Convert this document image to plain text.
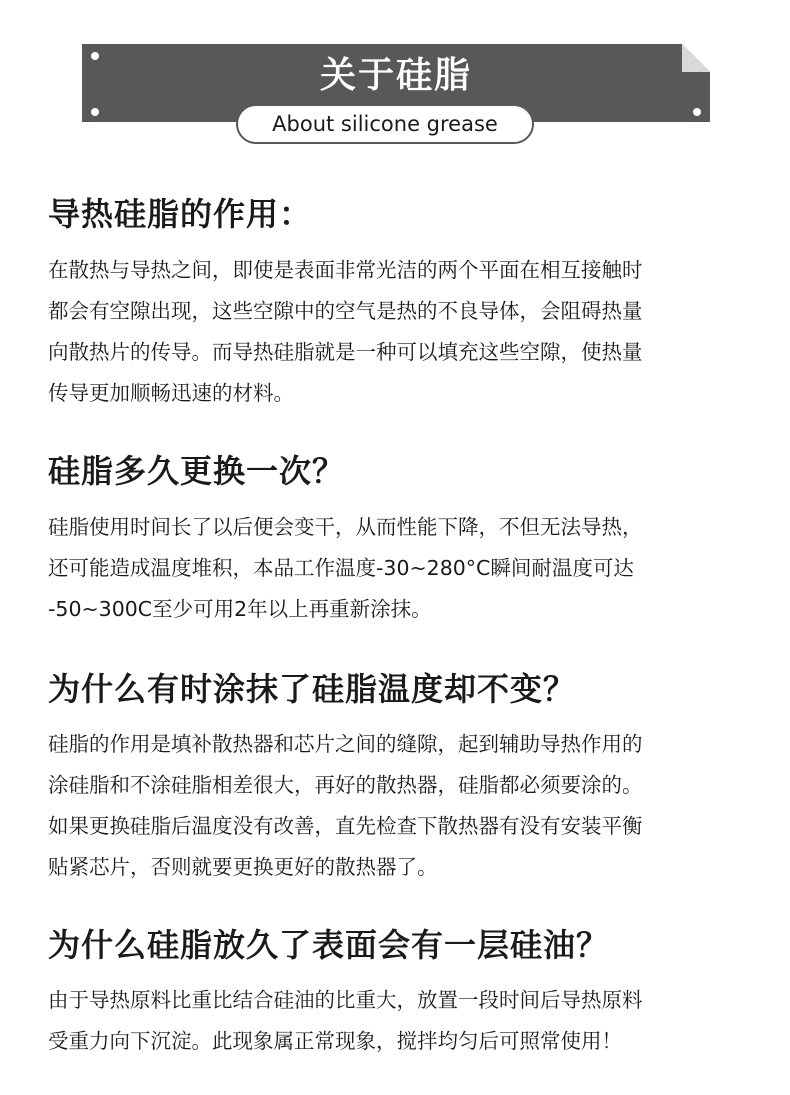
关于硅脂
About silicone grease
导热硅脂的作用：
在散热与导热之间，即使是表面非常光洁的两个平面在相互接触时
都会有空隙出现，这些空隙中的空气是热的不良导体，会阻碍热量
向散热片的传导。而导热硅脂就是一种可以填充这些空隙，使热量
传导更加顺畅迅速的材料。
硅脂多久更换一次？
硅脂使用时间长了以后便会变干，从而性能下降，不但无法导热，
还可能造成温度堆积，本品工作温度-30~280°C瞬间耐温度可达
-50~300C至少可用2年以上再重新涂抹。
为什么有时涂抹了硅脂温度却不变？
硅脂的作用是填补散热器和芯片之间的缝隙，起到辅助导热作用的
涂硅脂和不涂硅脂相差很大，再好的散热器，硅脂都必须要涂的。
如果更换硅脂后温度没有改善，直先检查下散热器有没有安装平衡
贴紧芯片，否则就要更换更好的散热器了。
为什么硅脂放久了表面会有一层硅油？
由于导热原料比重比结合硅油的比重大，放置一段时间后导热原料
受重力向下沉淀。此现象属正常现象，搅拌均匀后可照常使用！
